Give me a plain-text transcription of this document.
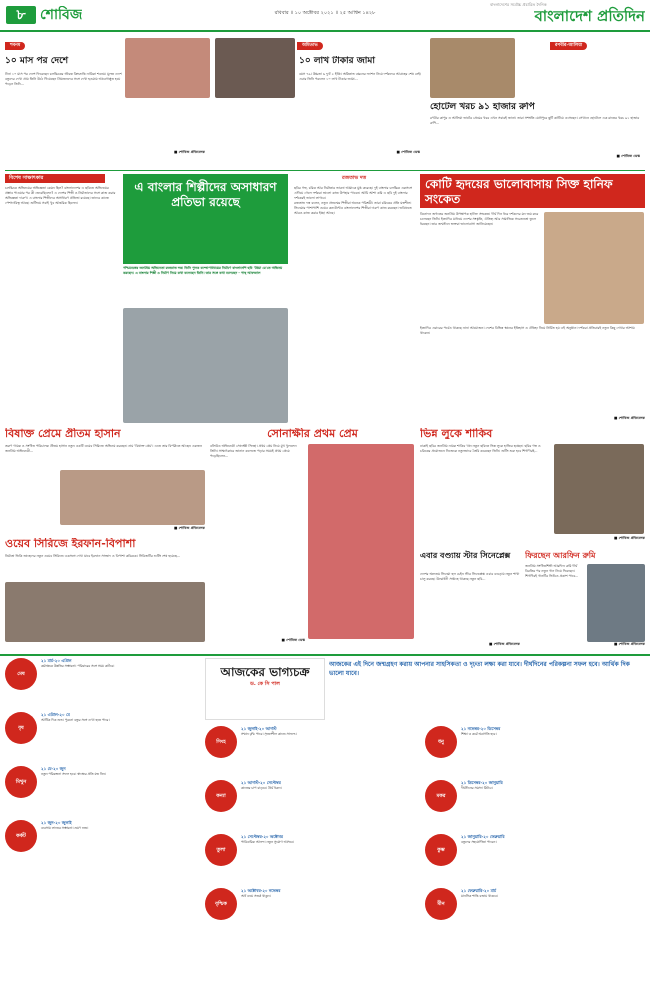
৮	শোবিজ	রবিবার ॥ ১০ অক্টোবর ২০২১ ॥ ২৫ আশ্বিন ১৪২৮
বাংলাদেশের সর্বোচ্চ প্রচারিত দৈনিক
বাংলাদেশ প্রতিদিন
শবনম
১০ মাস পর দেশে
টানা ১০ মাস পর দেশে ফিরেছেন চলচ্চিত্রের জীবন্ত কিংবদন্তি নায়িকা শবনম। মূলত দেশে বন্ধুদের দেখা প্রায় তিনি উঠে গিয়েছেন প্রিয়জনদের সঙ্গে দেখা হওয়ায় আবেগাপ্লুত হয়ে পড়েন তিনি...
■ শোবিজ প্রতিবেদক
অমিতাভ
১০ লাখ টাকার জামা
বয়স ৭৯। উচ্চতা ৬ ফুট ২ ইঞ্চি। অমিতাভ বচ্চনের ফ্যাশন নিয়ে দর্শকদের আগ্রহের শেষ নেই। এবার তিনি পরলেন ১০ লাখ টাকার জামা...
■ শোবিজ ডেস্ক
রণবীর-আলিয়া
হোটেল খরচ ৯১ হাজার রুপি
রণবীর কাপুর ও আলিয়া ভাটের প্রেমের খবর এখন সবারই জানা। তারা সম্প্রতি যোধপুরে ছুটি কাটিয়ে এসেছেন। সেখানে হোটেলে এক রাতের খরচ ৯১ হাজার রুপি...
■ শোবিজ ডেস্ক
বিশেষ সাক্ষাৎকার
চলচ্চিত্রে অভিনয়ের অভিজ্ঞতা কেমন ছিল? বাংলাদেশের এ ছবিতে অভিনয়ের প্রস্তাব পাওয়ার পর কী ভেবেছিলেন? এ দেশের শিল্পী ও নির্মাতাদের সঙ্গে কাজ করার অভিজ্ঞতা দারুণ। এ বাংলার শিল্পীদের অসাধারণ প্রতিভা রয়েছে। তাদের কাজে পেশাদারিত্ব আছে। শুটিংয়ে সবাই খুব আন্তরিক ছিলেন।
এ বাংলার শিল্পীদের অসাধারণ প্রতিভা রয়েছে
পশ্চিমবঙ্গের জনপ্রিয় অভিনেতা রজতাভ দত্ত। তিনি পুলক বন্দ্যোপাধ্যায়ের নির্মাণে বাংলাদেশি ছবি 'প্রিয়া রে'তে অভিনয় করছেন। এ বাংলার শিল্পী ও নির্মাণ নিয়ে কথা বলেছেন তিনি। তার সঙ্গে কথা বলেছেন - পান্থ আফজাল
রজতাভ দত্ত
ছবির গল্প, চরিত্র আর নির্মাতার ভাবনা আমাকে মুগ্ধ করেছে। দুই বাংলার চলচ্চিত্র একসঙ্গে এগিয়ে গেলে দর্শকরা ভালো কাজ উপহার পাবেন। আমি আশা করি এ ছবি দুই বাংলার দর্শকেরই ভালো লাগবে।
রজতাভ দত্ত বলেন, নতুন প্রজন্মের শিল্পীরা অনেক পরিশ্রমী। তারা চরিত্রের প্রতি যত্নশীল। সিনেমার পাশাপাশি ওয়েব কনটেন্টেও বাংলাদেশের শিল্পীরা দারুণ কাজ করছেন। ভবিষ্যতে আরও কাজ করার ইচ্ছা আছে।
কোটি হৃদয়ের ভালোবাসায় সিক্ত হানিফ সংকেত
বিনোদন জগতের জনপ্রিয় উপস্থাপক হানিফ সংকেত। দীর্ঘ দিন ধরে দর্শকদের মন জয় করে চলেছেন তিনি। ইত্যাদির মাধ্যমে দেশের সংস্কৃতি, ঐতিহ্য আর সামাজিক সচেতনতা তুলে ধরছেন। তার জন্মদিনে ভক্তরা ভালোবাসা জানিয়েছেন।
ইত্যাদির এবারের পর্বেও থাকছে নানা আয়োজন। দেশের বিভিন্ন স্থানের ইতিহাস ও ঐতিহ্য নিয়ে নির্মিত হয় এই অনুষ্ঠান। দর্শকরা প্রতিবারই নতুন কিছু দেখার আশায় থাকেন।
■ শোবিজ প্রতিবেদক
ভিন্ন লুকে শাকিব
ঢাকাই ছবির জনপ্রিয় নায়ক শাকিব খান নতুন ছবিতে ভিন্ন লুকে হাজির হচ্ছেন। ছবির গল্প ও চরিত্রের প্রয়োজনে নিজেকে নতুনভাবে তৈরি করেছেন তিনি। শুটিং শুরু হবে শিগগিরই...
■ শোবিজ প্রতিবেদক
বিষাক্ত প্রেমে প্রীতম হাসান
তরুণ গায়ক ও সংগীত পরিচালক প্রীতম হাসান নতুন একটি ওয়েব সিরিজে অভিনয় করছেন। নাম 'বিষাক্ত প্রেম'। এতে তার বিপরীতে আছেন একজন জনপ্রিয় অভিনেত্রী...
■ শোবিজ প্রতিবেদক
ওয়েব সিরিজে ইরফান-বিপাশা
নির্মাতা ভিকি জাহেদের নতুন ওয়েব সিরিজে একসঙ্গে দেখা যাবে ইরফান সাজ্জাদ ও বিপাশা কবিরকে। সিরিজটির শুটিং শেষ হয়েছে...
সোনাক্ষীর প্রথম প্রেম
বলিউড অভিনেত্রী সোনাক্ষী সিনহা। প্রথম প্রেম নিয়ে মুখ খুললেন তিনি। সাক্ষাৎকারে জানান কলেজে পড়ার সময়ই প্রথম প্রেমে পড়েছিলেন...
■ শোবিজ ডেস্ক
এবার বণ্ড্যায় স্টার সিনেপ্লেক্স
দেশের অন্যতম সিনেমা হল চেইন স্টার সিনেপ্লেক্স এবার বগুড়ায় নতুন শাখা চালু করছে। উদ্বোধনী সপ্তাহে থাকছে নতুন ছবি...
■ শোবিজ প্রতিবেদক
ফিরছেন আরফিন রুমি
জনপ্রিয় সংগীতশিল্পী আরফিন রুমি দীর্ঘ বিরতির পর নতুন গান নিয়ে ফিরছেন। শিগগিরই গানটির ভিডিও প্রকাশ পাবে...
■ শোবিজ প্রতিবেদক
আজকের ভাগ্যচক্র
ড. কে সি পাল
আজকের এই দিনে জন্মগ্রহণ করায় আপনার সাহসিকতা ও দৃঢ়তা লক্ষ্য করা যাবে। দীর্ঘদিনের পরিকল্পনা সফল হবে। আর্থিক দিক ভালো যাবে।
মেষ
২১ মার্চ-২০ এপ্রিল
কর্মক্ষেত্রে উন্নতির সম্ভাবনা। পরিবারের সঙ্গে সময় কাটবে।
বৃষ
২১ এপ্রিল-২০ মে
আর্থিক দিক শুভ। পুরনো বন্ধুর সঙ্গে দেখা হতে পারে।
মিথুন
২১ মে-২০ জুন
নতুন পরিকল্পনা সফল হবে। স্বাস্থ্যের প্রতি যত্ন নিন।
কর্কট
২১ জুন-২০ জুলাই
ব্যবসায় লাভের সম্ভাবনা। ভ্রমণ শুভ।
সিংহ
২১ জুলাই-২০ আগস্ট
সম্মান বৃদ্ধি পাবে। সৃজনশীল কাজে সাফল্য।
কন্যা
২১ আগস্ট-২০ সেপ্টেম্বর
কাজের চাপ বাড়বে। ধৈর্য ধরুন।
তুলা
২১ সেপ্টেম্বর-২০ অক্টোবর
পারিবারিক আনন্দ। নতুন সুযোগ আসবে।
বৃশ্চিক
২১ অক্টোবর-২০ নভেম্বর
অর্থ ব্যয়ে সতর্ক থাকুন।
ধনু
২১ নভেম্বর-২০ ডিসেম্বর
শিক্ষা ও কর্মে অগ্রগতি হবে।
মকর
২১ ডিসেম্বর-২০ জানুয়ারি
দীর্ঘদিনের সমস্যা মিটবে।
কুম্ভ
২১ জানুয়ারি-২০ ফেব্রুয়ারি
বন্ধুদের সহযোগিতা পাবেন।
মীন
২১ ফেব্রুয়ারি-২০ মার্চ
মানসিক শান্তি বজায় থাকবে।
